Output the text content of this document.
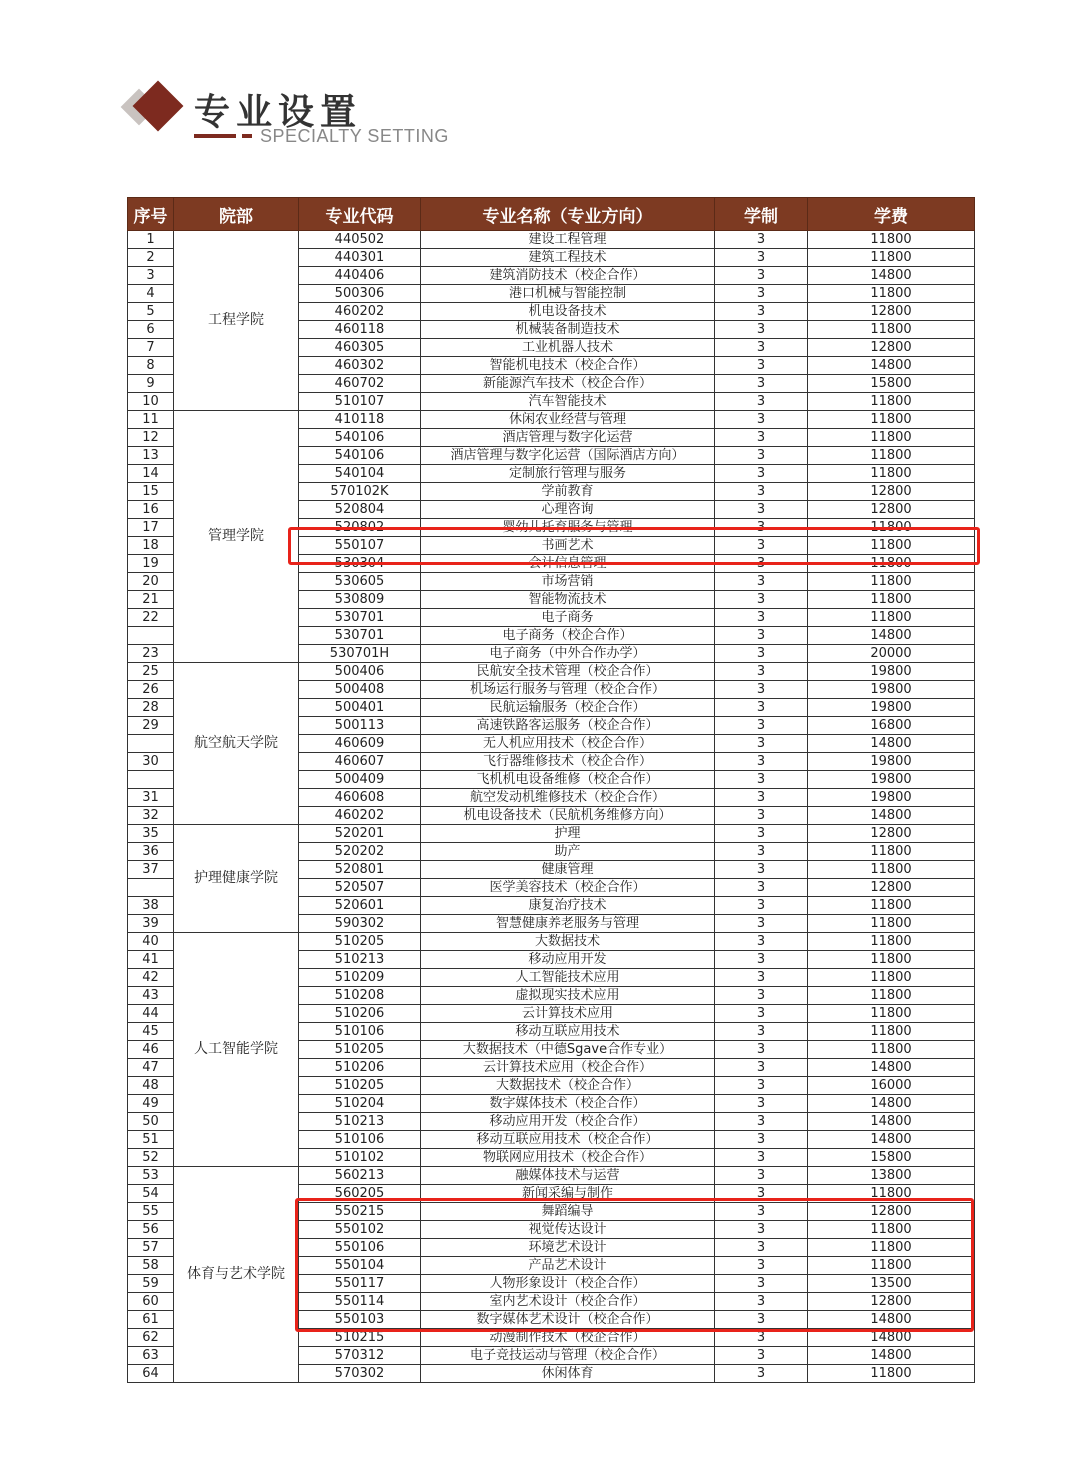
专业设置
SPECIALTY SETTING
序号	院部	专业代码	专业名称（专业方向）	学制	学费
1	工程学院	440502	建设工程管理	3	11800
2		440301	建筑工程技术	3	11800
3		440406	建筑消防技术（校企合作）	3	14800
4		500306	港口机械与智能控制	3	11800
5		460202	机电设备技术	3	12800
6		460118	机械装备制造技术	3	11800
7		460305	工业机器人技术	3	12800
8		460302	智能机电技术（校企合作）	3	14800
9		460702	新能源汽车技术（校企合作）	3	15800
10		510107	汽车智能技术	3	11800
11	管理学院	410118	休闲农业经营与管理	3	11800
12		540106	酒店管理与数字化运营	3	11800
13		540106	酒店管理与数字化运营（国际酒店方向）	3	11800
14		540104	定制旅行管理与服务	3	11800
15		570102K	学前教育	3	12800
16		520804	心理咨询	3	12800
17		520802	婴幼儿托育服务与管理	3	11800
18		550107	书画艺术	3	11800
19		530304	会计信息管理	3	11800
20		530605	市场营销	3	11800
21		530809	智能物流技术	3	11800
22		530701	电子商务	3	11800
		530701	电子商务（校企合作）	3	14800
23		530701H	电子商务（中外合作办学）	3	20000
25	航空航天学院	500406	民航安全技术管理（校企合作）	3	19800
26		500408	机场运行服务与管理（校企合作）	3	19800
28		500401	民航运输服务（校企合作）	3	19800
29		500113	高速铁路客运服务（校企合作）	3	16800
		460609	无人机应用技术（校企合作）	3	14800
30		460607	飞行器维修技术（校企合作）	3	19800
		500409	飞机机电设备维修（校企合作）	3	19800
31		460608	航空发动机维修技术（校企合作）	3	19800
32		460202	机电设备技术（民航机务维修方向）	3	14800
35	护理健康学院	520201	护理	3	12800
36		520202	助产	3	11800
37		520801	健康管理	3	11800
		520507	医学美容技术（校企合作）	3	12800
38		520601	康复治疗技术	3	11800
39		590302	智慧健康养老服务与管理	3	11800
40	人工智能学院	510205	大数据技术	3	11800
41		510213	移动应用开发	3	11800
42		510209	人工智能技术应用	3	11800
43		510208	虚拟现实技术应用	3	11800
44		510206	云计算技术应用	3	11800
45		510106	移动互联应用技术	3	11800
46		510205	大数据技术（中德Sgave合作专业）	3	11800
47		510206	云计算技术应用（校企合作）	3	14800
48		510205	大数据技术（校企合作）	3	16000
49		510204	数字媒体技术（校企合作）	3	14800
50		510213	移动应用开发（校企合作）	3	14800
51		510106	移动互联应用技术（校企合作）	3	14800
52		510102	物联网应用技术（校企合作）	3	15800
53	体育与艺术学院	560213	融媒体技术与运营	3	13800
54		560205	新闻采编与制作	3	11800
55		550215	舞蹈编导	3	12800
56		550102	视觉传达设计	3	11800
57		550106	环境艺术设计	3	11800
58		550104	产品艺术设计	3	11800
59		550117	人物形象设计（校企合作）	3	13500
60		550114	室内艺术设计（校企合作）	3	12800
61		550103	数字媒体艺术设计（校企合作）	3	14800
62		510215	动漫制作技术（校企合作）	3	14800
63		570312	电子竞技运动与管理（校企合作）	3	14800
64		570302	休闲体育	3	11800
